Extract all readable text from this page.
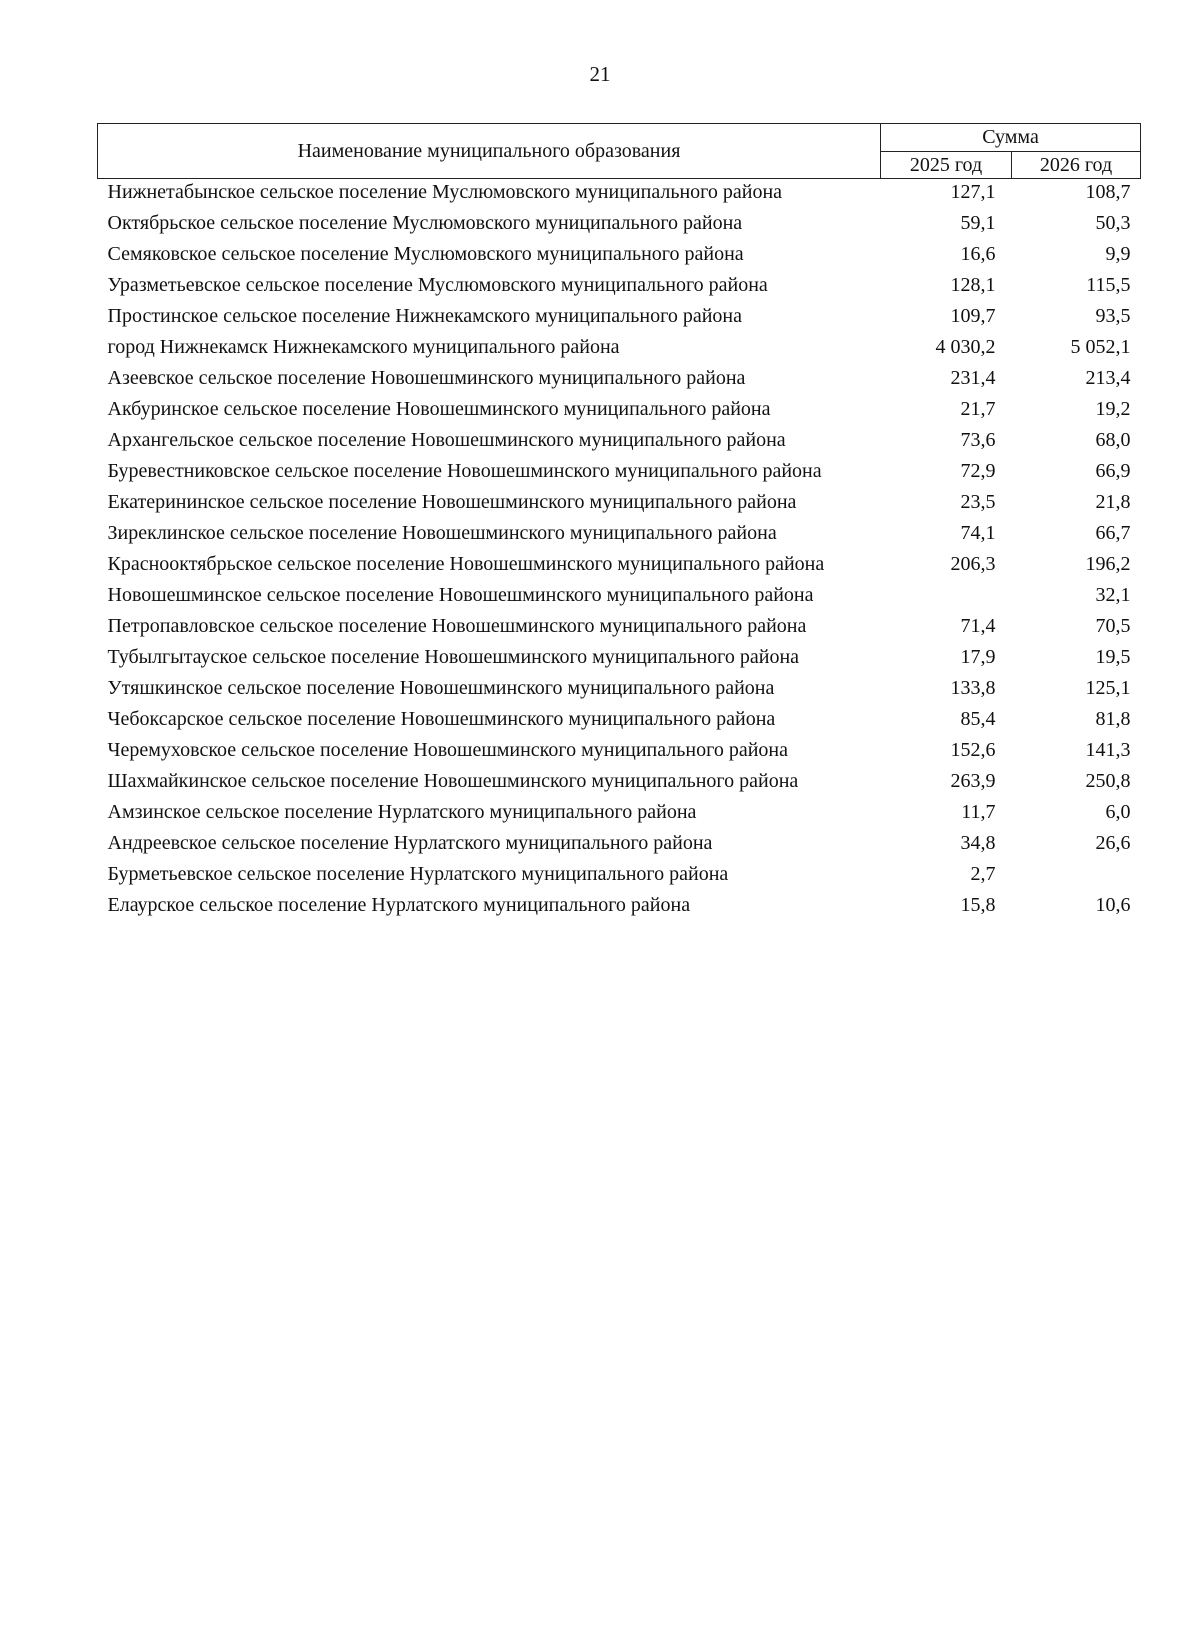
21
Наименование муниципального образования	Сумма	
	2025 год	2026 год
Нижнетабынское сельское поселение Муслюмовского муниципального района	127,1	108,7
Октябрьское сельское поселение Муслюмовского муниципального района	59,1	50,3
Семяковское сельское поселение Муслюмовского муниципального района	16,6	9,9
Уразметьевское сельское поселение Муслюмовского муниципального района	128,1	115,5
Простинское сельское поселение Нижнекамского муниципального района	109,7	93,5
город Нижнекамск Нижнекамского муниципального района	4 030,2	5 052,1
Азеевское сельское поселение Новошешминского муниципального района	231,4	213,4
Акбуринское сельское поселение Новошешминского муниципального района	21,7	19,2
Архангельское сельское поселение Новошешминского муниципального района	73,6	68,0
Буревестниковское сельское поселение Новошешминского муниципального района	72,9	66,9
Екатерининское сельское поселение Новошешминского муниципального района	23,5	21,8
Зиреклинское сельское поселение Новошешминского муниципального района	74,1	66,7
Краснооктябрьское сельское поселение Новошешминского муниципального района	206,3	196,2
Новошешминское сельское поселение Новошешминского муниципального района		32,1
Петропавловское сельское поселение Новошешминского муниципального района	71,4	70,5
Тубылгытауское сельское поселение Новошешминского муниципального района	17,9	19,5
Утяшкинское сельское поселение Новошешминского муниципального района	133,8	125,1
Чебоксарское сельское поселение Новошешминского муниципального района	85,4	81,8
Черемуховское сельское поселение Новошешминского муниципального района	152,6	141,3
Шахмайкинское сельское поселение Новошешминского муниципального района	263,9	250,8
Амзинское сельское поселение Нурлатского муниципального района	11,7	6,0
Андреевское сельское поселение Нурлатского муниципального района	34,8	26,6
Бурметьевское сельское поселение Нурлатского муниципального района	2,7	
Елаурское сельское поселение Нурлатского муниципального района	15,8	10,6
